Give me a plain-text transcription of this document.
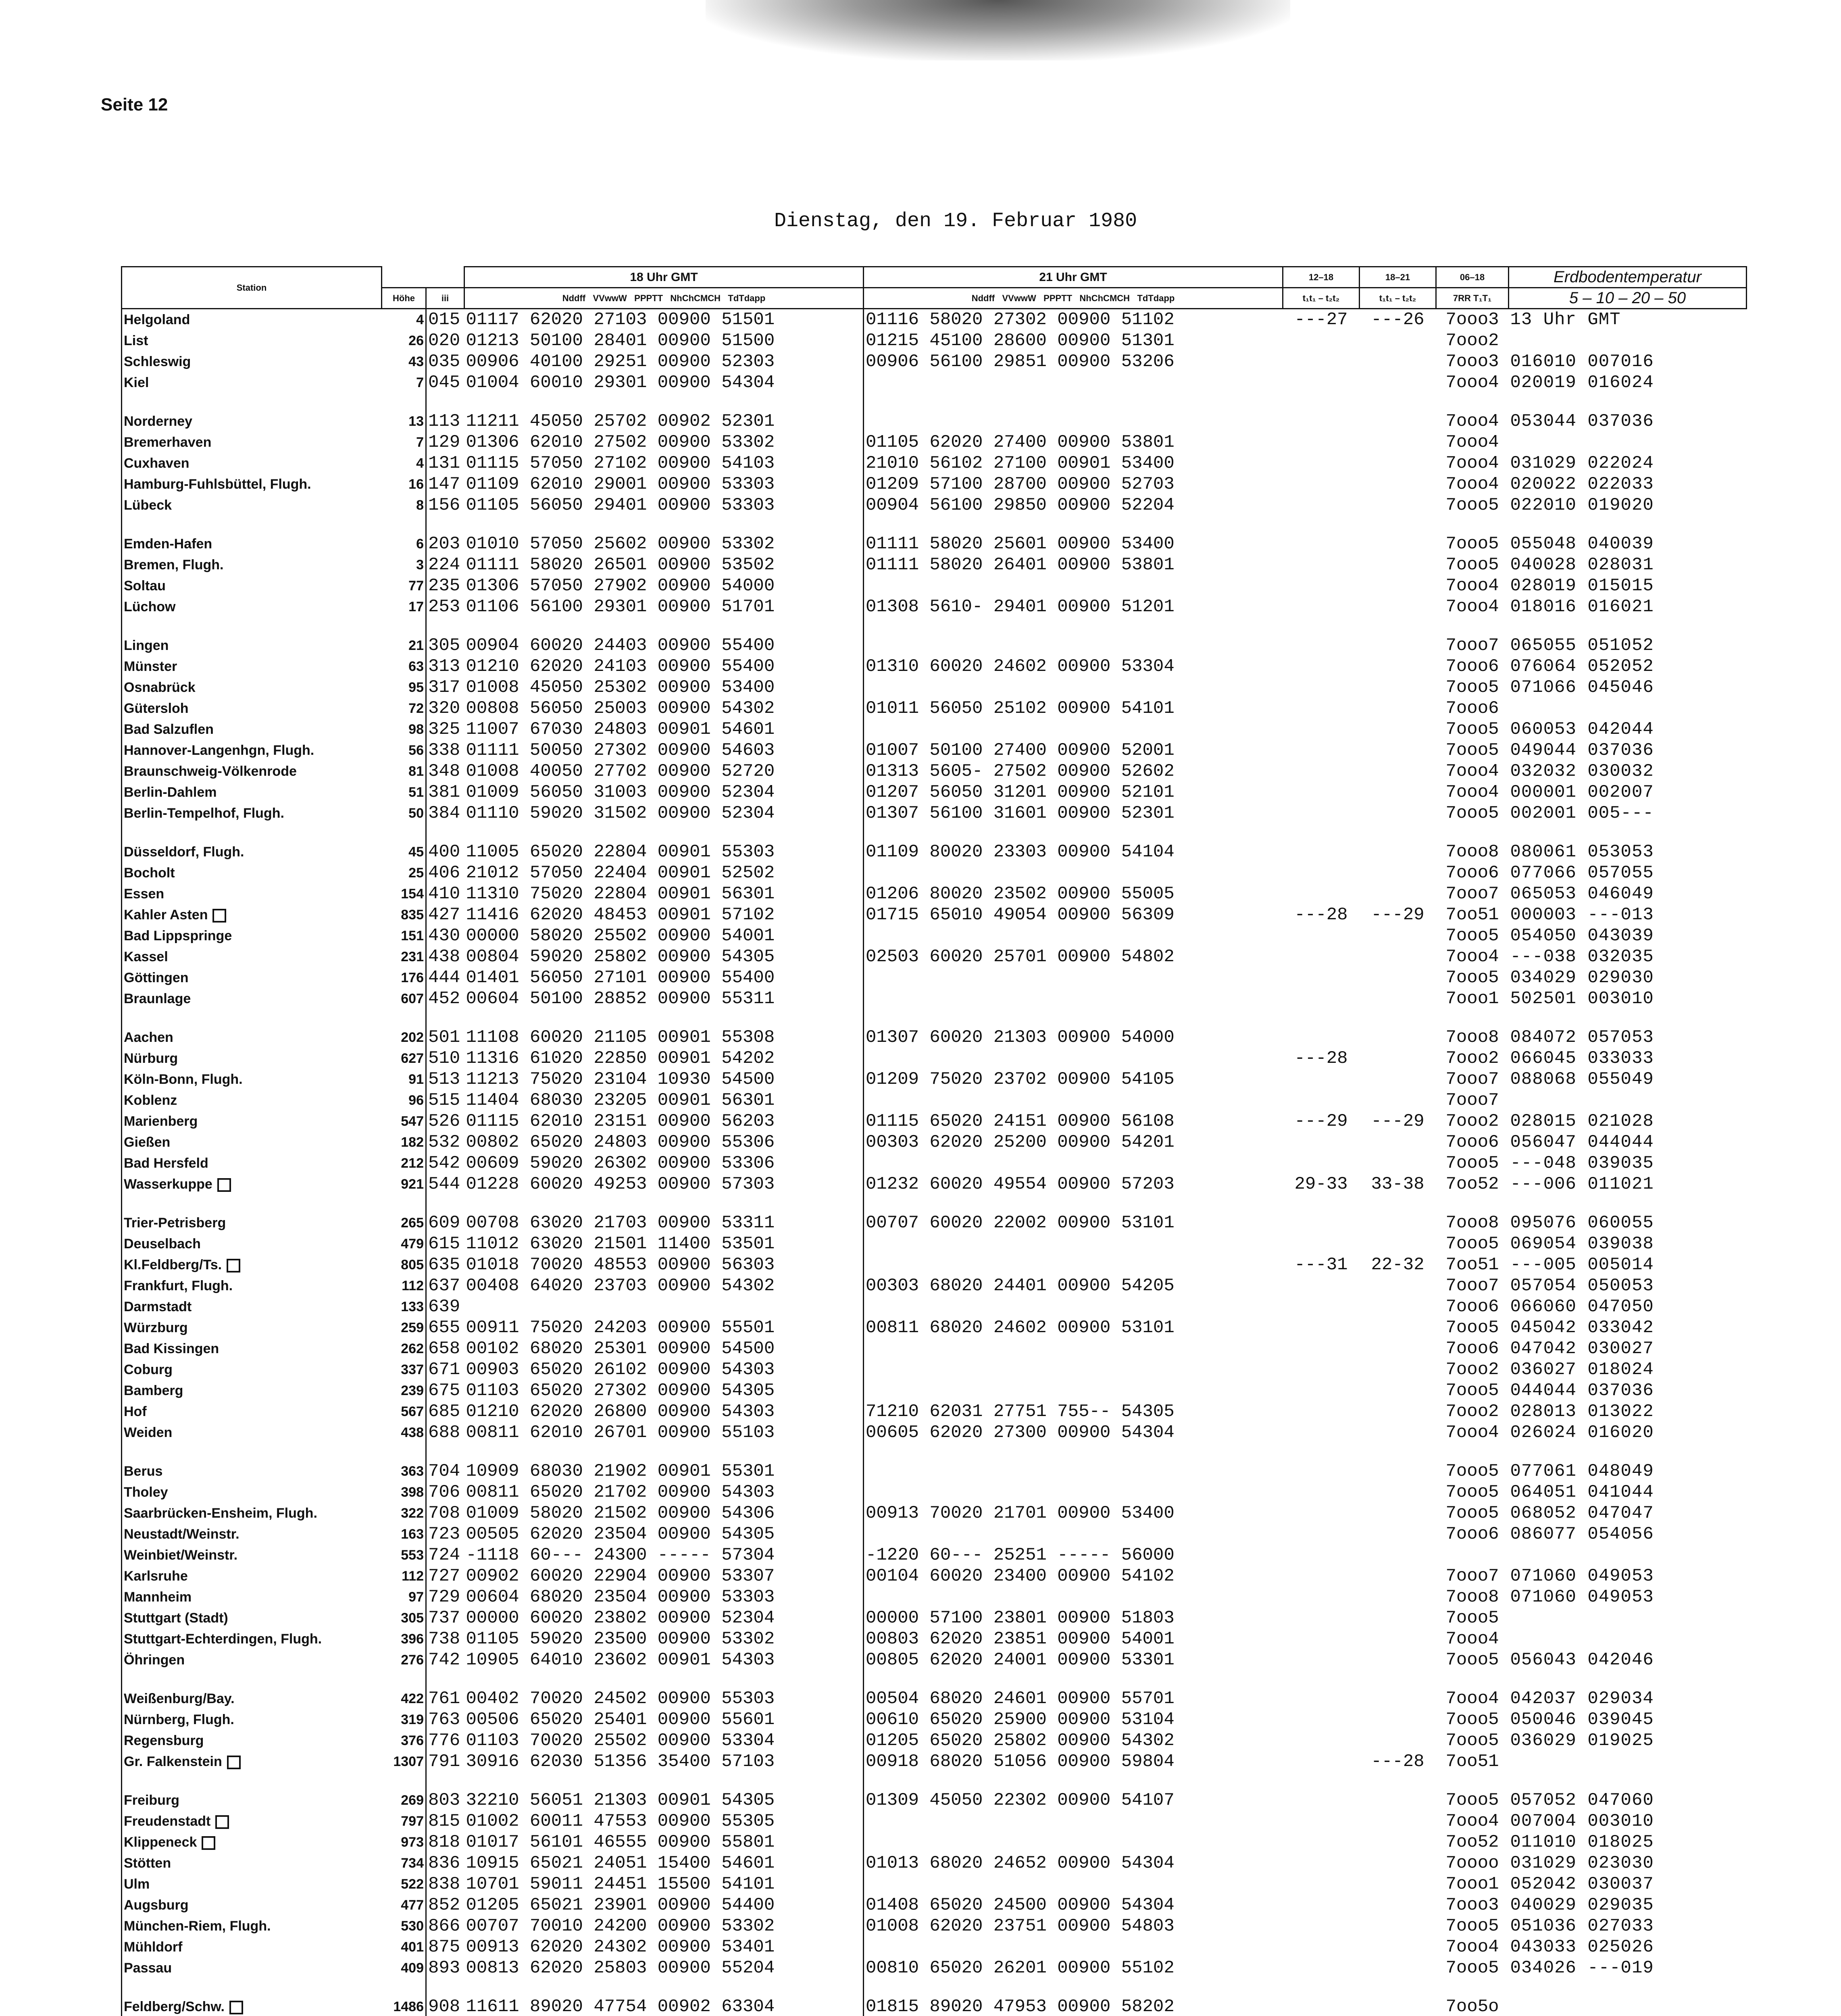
Seite 12
Dienstag, den 19. Februar 1980
Station			18 Uhr GMT	21 Uhr GMT	12–18	18–21	06–18	Erdbodentemperatur
	Höhe	iii	Nddff VVwwW PPPTT NhChCMCH TdTdapp	Nddff VVwwW PPPTT NhChCMCH TdTdapp	t₁t₁ – t₂t₂	t₁t₁ – t₂t₂	7RR T₁T₁	5 – 10 – 20 – 50
Helgoland	4	015	01117 62020 27103 00900 51501	01116 58020 27302 00900 51102	---27	---26	7ooo3	13 Uhr GMT
List	26	020	01213 50100 28401 00900 51500	01215 45100 28600 00900 51301			7ooo2	
Schleswig	43	035	00906 40100 29251 00900 52303	00906 56100 29851 00900 53206			7ooo3	016010 007016
Kiel	7	045	01004 60010 29301 00900 54304				7ooo4	020019 016024

Norderney	13	113	11211 45050 25702 00902 52301				7ooo4	053044 037036
Bremerhaven	7	129	01306 62010 27502 00900 53302	01105 62020 27400 00900 53801			7ooo4	
Cuxhaven	4	131	01115 57050 27102 00900 54103	21010 56102 27100 00901 53400			7ooo4	031029 022024
Hamburg-Fuhlsbüttel, Flugh.	16	147	01109 62010 29001 00900 53303	01209 57100 28700 00900 52703			7ooo4	020022 022033
Lübeck	8	156	01105 56050 29401 00900 53303	00904 56100 29850 00900 52204			7ooo5	022010 019020

Emden-Hafen	6	203	01010 57050 25602 00900 53302	01111 58020 25601 00900 53400			7ooo5	055048 040039
Bremen, Flugh.	3	224	01111 58020 26501 00900 53502	01111 58020 26401 00900 53801			7ooo5	040028 028031
Soltau	77	235	01306 57050 27902 00900 54000				7ooo4	028019 015015
Lüchow	17	253	01106 56100 29301 00900 51701	01308 5610- 29401 00900 51201			7ooo4	018016 016021

Lingen	21	305	00904 60020 24403 00900 55400				7ooo7	065055 051052
Münster	63	313	01210 62020 24103 00900 55400	01310 60020 24602 00900 53304			7ooo6	076064 052052
Osnabrück	95	317	01008 45050 25302 00900 53400				7ooo5	071066 045046
Gütersloh	72	320	00808 56050 25003 00900 54302	01011 56050 25102 00900 54101			7ooo6	
Bad Salzuflen	98	325	11007 67030 24803 00901 54601				7ooo5	060053 042044
Hannover-Langenhgn, Flugh.	56	338	01111 50050 27302 00900 54603	01007 50100 27400 00900 52001			7ooo5	049044 037036
Braunschweig-Völkenrode	81	348	01008 40050 27702 00900 52720	01313 5605- 27502 00900 52602			7ooo4	032032 030032
Berlin-Dahlem	51	381	01009 56050 31003 00900 52304	01207 56050 31201 00900 52101			7ooo4	000001 002007
Berlin-Tempelhof, Flugh.	50	384	01110 59020 31502 00900 52304	01307 56100 31601 00900 52301			7ooo5	002001 005---

Düsseldorf, Flugh.	45	400	11005 65020 22804 00901 55303	01109 80020 23303 00900 54104			7ooo8	080061 053053
Bocholt	25	406	21012 57050 22404 00901 52502				7ooo6	077066 057055
Essen	154	410	11310 75020 22804 00901 56301	01206 80020 23502 00900 55005			7ooo7	065053 046049
Kahler Asten	835	427	11416 62020 48453 00901 57102	01715 65010 49054 00900 56309	---28	---29	7oo51	000003 ---013
Bad Lippspringe	151	430	00000 58020 25502 00900 54001				7ooo5	054050 043039
Kassel	231	438	00804 59020 25802 00900 54305	02503 60020 25701 00900 54802			7ooo4	---038 032035
Göttingen	176	444	01401 56050 27101 00900 55400				7ooo5	034029 029030
Braunlage	607	452	00604 50100 28852 00900 55311				7ooo1	502501 003010

Aachen	202	501	11108 60020 21105 00901 55308	01307 60020 21303 00900 54000			7ooo8	084072 057053
Nürburg	627	510	11316 61020 22850 00901 54202		---28		7ooo2	066045 033033
Köln-Bonn, Flugh.	91	513	11213 75020 23104 10930 54500	01209 75020 23702 00900 54105			7ooo7	088068 055049
Koblenz	96	515	11404 68030 23205 00901 56301				7ooo7	
Marienberg	547	526	01115 62010 23151 00900 56203	01115 65020 24151 00900 56108	---29	---29	7ooo2	028015 021028
Gießen	182	532	00802 65020 24803 00900 55306	00303 62020 25200 00900 54201			7ooo6	056047 044044
Bad Hersfeld	212	542	00609 59020 26302 00900 53306				7ooo5	---048 039035
Wasserkuppe	921	544	01228 60020 49253 00900 57303	01232 60020 49554 00900 57203	29-33	33-38	7oo52	---006 011021

Trier-Petrisberg	265	609	00708 63020 21703 00900 53311	00707 60020 22002 00900 53101			7ooo8	095076 060055
Deuselbach	479	615	11012 63020 21501 11400 53501				7ooo5	069054 039038
Kl.Feldberg/Ts.	805	635	01018 70020 48553 00900 56303		---31	22-32	7oo51	---005 005014
Frankfurt, Flugh.	112	637	00408 64020 23703 00900 54302	00303 68020 24401 00900 54205			7ooo7	057054 050053
Darmstadt	133	639					7ooo6	066060 047050
Würzburg	259	655	00911 75020 24203 00900 55501	00811 68020 24602 00900 53101			7ooo5	045042 033042
Bad Kissingen	262	658	00102 68020 25301 00900 54500				7ooo6	047042 030027
Coburg	337	671	00903 65020 26102 00900 54303				7ooo2	036027 018024
Bamberg	239	675	01103 65020 27302 00900 54305				7ooo5	044044 037036
Hof	567	685	01210 62020 26800 00900 54303	71210 62031 27751 755-- 54305			7ooo2	028013 013022
Weiden	438	688	00811 62010 26701 00900 55103	00605 62020 27300 00900 54304			7ooo4	026024 016020

Berus	363	704	10909 68030 21902 00901 55301				7ooo5	077061 048049
Tholey	398	706	00811 65020 21702 00900 54303				7ooo5	064051 041044
Saarbrücken-Ensheim, Flugh.	322	708	01009 58020 21502 00900 54306	00913 70020 21701 00900 53400			7ooo5	068052 047047
Neustadt/Weinstr.	163	723	00505 62020 23504 00900 54305				7ooo6	086077 054056
Weinbiet/Weinstr.	553	724	-1118 60--- 24300 ----- 57304	-1220 60--- 25251 ----- 56000				
Karlsruhe	112	727	00902 60020 22904 00900 53307	00104 60020 23400 00900 54102			7ooo7	071060 049053
Mannheim	97	729	00604 68020 23504 00900 53303				7ooo8	071060 049053
Stuttgart (Stadt)	305	737	00000 60020 23802 00900 52304	00000 57100 23801 00900 51803			7ooo5	
Stuttgart-Echterdingen, Flugh.	396	738	01105 59020 23500 00900 53302	00803 62020 23851 00900 54001			7ooo4	
Öhringen	276	742	10905 64010 23602 00901 54303	00805 62020 24001 00900 53301			7ooo5	056043 042046

Weißenburg/Bay.	422	761	00402 70020 24502 00900 55303	00504 68020 24601 00900 55701			7ooo4	042037 029034
Nürnberg, Flugh.	319	763	00506 65020 25401 00900 55601	00610 65020 25900 00900 53104			7ooo5	050046 039045
Regensburg	376	776	01103 70020 25502 00900 53304	01205 65020 25802 00900 54302			7ooo5	036029 019025
Gr. Falkenstein	1307	791	30916 62030 51356 35400 57103	00918 68020 51056 00900 59804		---28	7oo51	

Freiburg	269	803	32210 56051 21303 00901 54305	01309 45050 22302 00900 54107			7ooo5	057052 047060
Freudenstadt	797	815	01002 60011 47553 00900 55305				7ooo4	007004 003010
Klippeneck	973	818	01017 56101 46555 00900 55801				7oo52	011010 018025
Stötten	734	836	10915 65021 24051 15400 54601	01013 68020 24652 00900 54304			7oooo	031029 023030
Ulm	522	838	10701 59011 24451 15500 54101				7ooo1	052042 030037
Augsburg	477	852	01205 65021 23901 00900 54400	01408 65020 24500 00900 54304			7ooo3	040029 029035
München-Riem, Flugh.	530	866	00707 70010 24200 00900 53302	01008 62020 23751 00900 54803			7ooo5	051036 027033
Mühldorf	401	875	00913 62020 24302 00900 53401				7ooo4	043033 025026
Passau	409	893	00813 62020 25803 00900 55204	00810 65020 26201 00900 55102			7ooo5	034026 ---019

Feldberg/Schw.	1486	908	11611 89020 47754 00902 63304	01815 89020 47953 00900 58202			7oo5o	
